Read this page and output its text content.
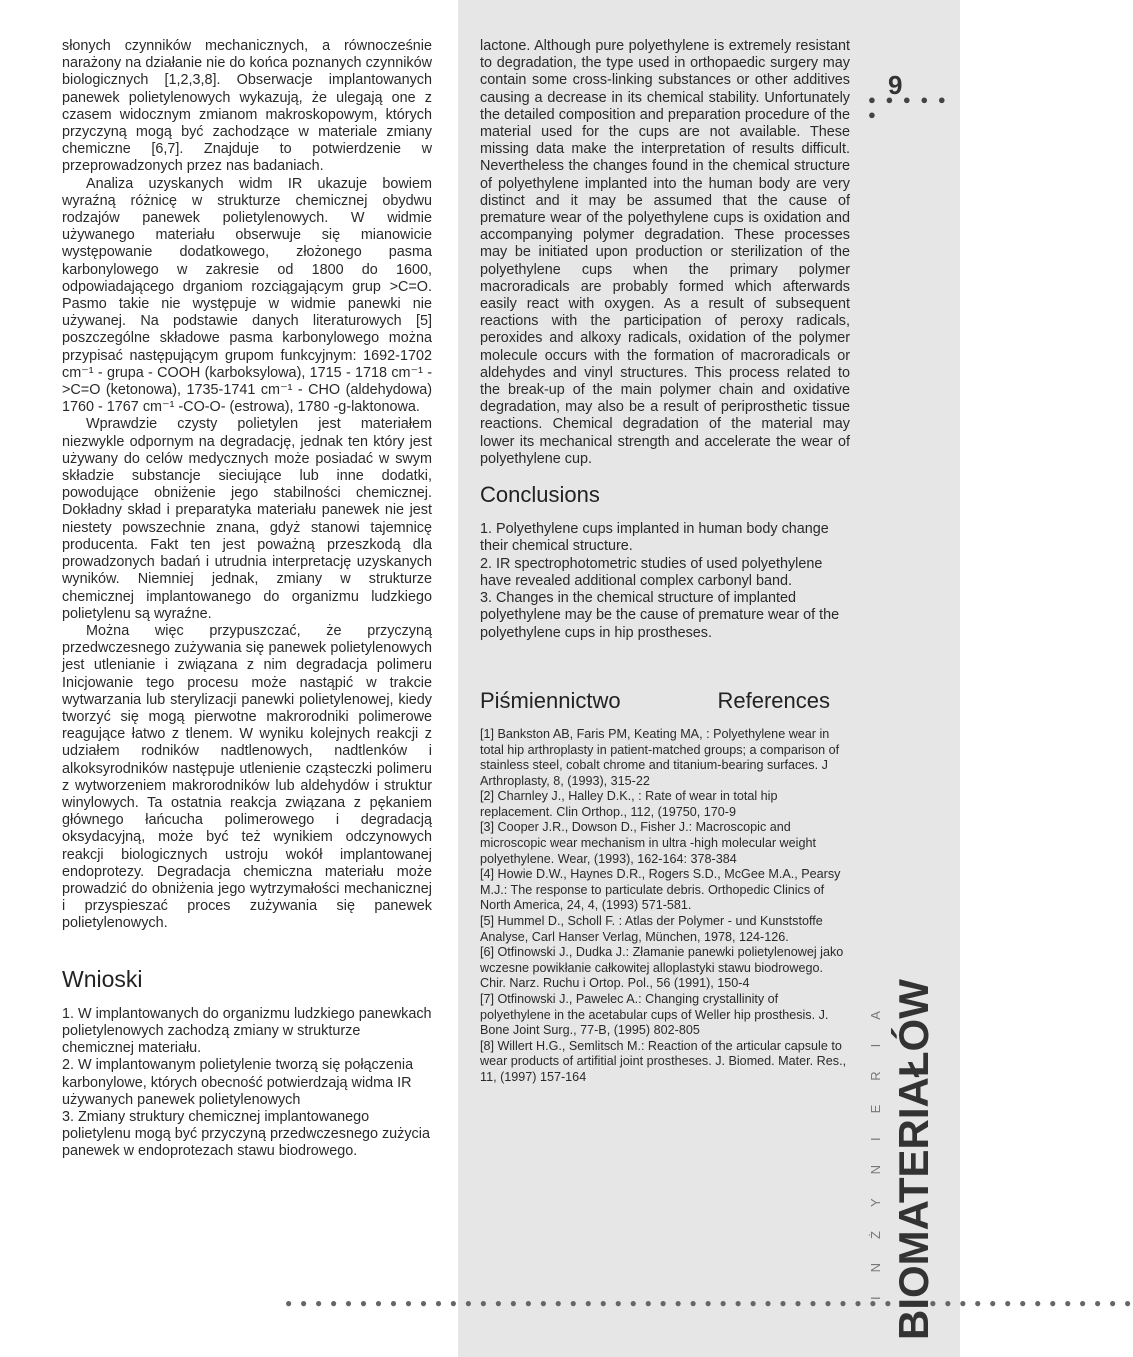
słonych czynników mechanicznych, a równocześnie narażony na działanie nie do końca poznanych czynników biologicznych [1,2,3,8]. Obserwacje implantowanych panewek polietylenowych wykazują, że ulegają one z czasem widocznym zmianom makroskopowym, których przyczyną mogą być zachodzące w materiale zmiany chemiczne [6,7]. Znajduje to potwierdzenie w przeprowadzonych przez nas badaniach.

Analiza uzyskanych widm IR ukazuje bowiem wyraźną różnicę w strukturze chemicznej obydwu rodzajów panewek polietylenowych. W widmie używanego materiału obserwuje się mianowicie występowanie dodatkowego, złożonego pasma karbonylowego w zakresie od 1800 do 1600, odpowiadającego drganiom rozciągającym grup >C=O. Pasmo takie nie występuje w widmie panewki nie używanej. Na podstawie danych literaturowych [5] poszczególne składowe pasma karbonylowego można przypisać następującym grupom funkcyjnym: 1692-1702 cm⁻¹ - grupa - COOH (karboksylowa), 1715 - 1718 cm⁻¹ - >C=O (ketonowa), 1735-1741 cm⁻¹ - CHO (aldehydowa) 1760 - 1767 cm⁻¹ -CO-O- (estrowa), 1780 -g-laktonowa.

Wprawdzie czysty polietylen jest materiałem niezwykle odpornym na degradację, jednak ten który jest używany do celów medycznych może posiadać w swym składzie substancje sieciujące lub inne dodatki, powodujące obniżenie jego stabilności chemicznej. Dokładny skład i preparatyka materiału panewek nie jest niestety powszechnie znana, gdyż stanowi tajemnicę producenta. Fakt ten jest poważną przeszkodą dla prowadzonych badań i utrudnia interpretację uzyskanych wyników. Niemniej jednak, zmiany w strukturze chemicznej implantowanego do organizmu ludzkiego polietylenu są wyraźne.

Można więc przypuszczać, że przyczyną przedwczesnego zużywania się panewek polietylenowych jest utlenianie i związana z nim degradacja polimeru Inicjowanie tego procesu może nastąpić w trakcie wytwarzania lub sterylizacji panewki polietylenowej, kiedy tworzyć się mogą pierwotne makrorodniki polimerowe reagujące łatwo z tlenem. W wyniku kolejnych reakcji z udziałem rodników nadtlenowych, nadtlenków i alkoksyrodników następuje utlenienie cząsteczki polimeru z wytworzeniem makrorodników lub aldehydów i struktur winylowych. Ta ostatnia reakcja związana z pękaniem głównego łańcucha polimerowego i degradacją oksydacyjną, może być też wynikiem odczynowych reakcji biologicznych ustroju wokół implantowanej endoprotezy. Degradacja chemiczna materiału może prowadzić do obniżenia jego wytrzymałości mechanicznej i przyspieszać proces zużywania się panewek polietylenowych.

Wnioski

1. W implantowanych do organizmu ludzkiego panewkach polietylenowych zachodzą zmiany w strukturze chemicznej materiału.

2. W implantowanym polietylenie tworzą się połączenia karbonylowe, których obecność potwierdzają widma IR używanych panewek polietylenowych

3. Zmiany struktury chemicznej implantowanego polietylenu mogą być przyczyną przedwczesnego zużycia panewek w endoprotezach stawu biodrowego.

lactone. Although pure polyethylene is extremely resistant to degradation, the type used in orthopaedic surgery may contain some cross-linking substances or other additives causing a decrease in its chemical stability. Unfortunately the detailed composition and preparation procedure of the material used for the cups are not available. These missing data make the interpretation of results difficult. Nevertheless the changes found in the chemical structure of polyethylene implanted into the human body are very distinct and it may be assumed that the cause of premature wear of the polyethylene cups is oxidation and accompanying polymer degradation. These processes may be initiated upon production or sterilization of the polyethylene cups when the primary polymer macroradicals are probably formed which afterwards easily react with oxygen. As a result of subsequent reactions with the participation of peroxy radicals, peroxides and alkoxy radicals, oxidation of the polymer molecule occurs with the formation of macroradicals or aldehydes and vinyl structures. This process related to the break-up of the main polymer chain and oxidative degradation, may also be a result of periprosthetic tissue reactions. Chemical degradation of the material may lower its mechanical strength and accelerate the wear of polyethylene cup.

Conclusions

1. Polyethylene cups implanted in human body change their chemical structure.

2. IR spectrophotometric studies of used polyethylene have revealed additional complex carbonyl band.

3. Changes in the chemical structure of implanted polyethylene may be the cause of premature wear of the polyethylene cups in hip prostheses.

Piśmiennictwo	References

[1] Bankston AB, Faris PM, Keating MA, : Polyethylene wear in total hip arthroplasty in patient-matched groups; a comparison of stainless steel, cobalt chrome and titanium-bearing surfaces. J Arthroplasty, 8, (1993), 315-22

[2] Charnley J., Halley D.K., : Rate of wear in total hip replacement. Clin Orthop., 112, (19750, 170-9

[3] Cooper J.R., Dowson D., Fisher J.: Macroscopic and microscopic wear mechanism in ultra -high molecular weight polyethylene. Wear, (1993), 162-164: 378-384

[4] Howie D.W., Haynes D.R., Rogers S.D., McGee M.A., Pearsy M.J.: The response to particulate debris. Orthopedic Clinics of North America, 24, 4, (1993) 571-581.

[5] Hummel D., Scholl F. : Atlas der Polymer - und Kunststoffe Analyse, Carl Hanser Verlag, München, 1978, 124-126.

[6] Otfinowski J., Dudka J.: Złamanie panewki polietylenowej jako wczesne powikłanie całkowitej alloplastyki stawu biodrowego. Chir. Narz. Ruchu i Ortop. Pol., 56 (1991), 150-4

[7] Otfinowski J., Pawelec A.: Changing crystallinity of polyethylene in the acetabular cups of Weller hip prosthesis. J. Bone Joint Surg., 77-B, (1995) 802-805

[8] Willert H.G., Semlitsch M.: Reaction of the articular capsule to wear products of artifitial joint prostheses. J. Biomed. Mater. Res., 11, (1997) 157-164

9
● ● ● ● ● ●
● ● ● ● ● ● ● ● ● ● ● ● ● ● ● ● ● ● ● ● ● ● ● ● ● ● ● ● ● ● ● ● ● ● ● ● ● ● ● ● ● ● ● ● ● ● ● ● ● ● ● ● ● ● ● ● ●
BIOMATERIAŁÓW
INŻYNIERIA
